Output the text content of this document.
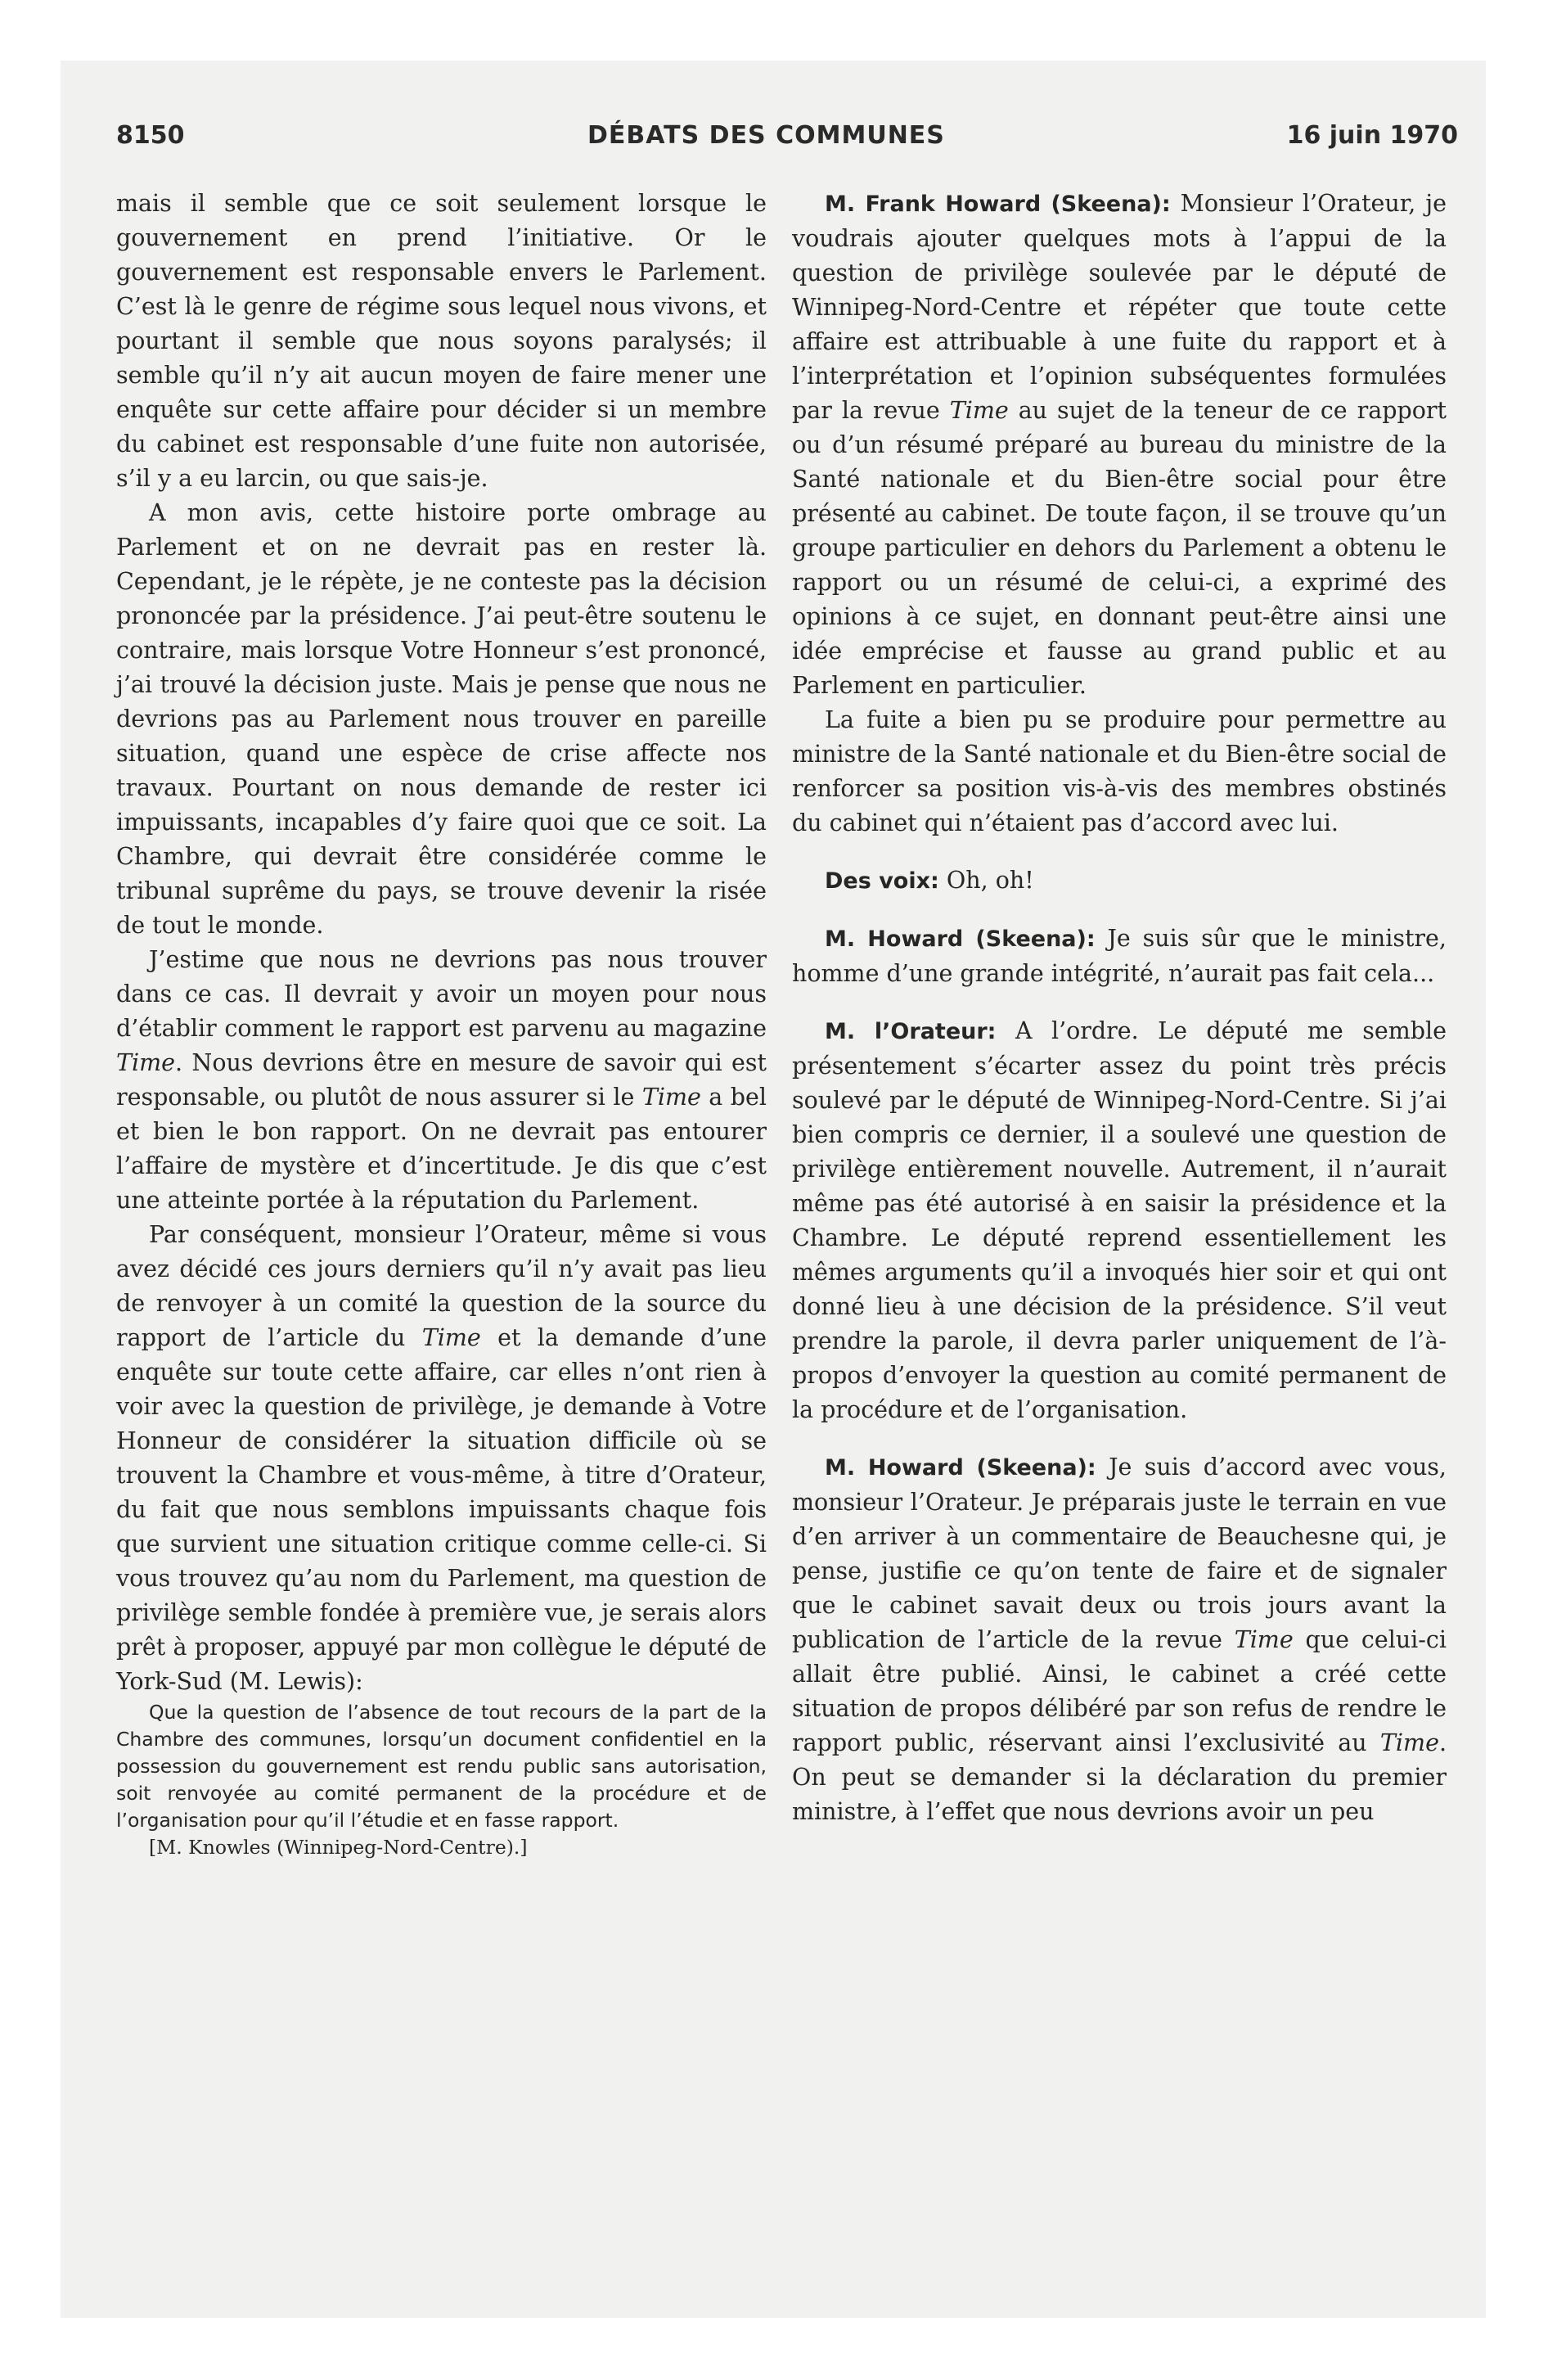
8150	DÉBATS DES COMMUNES	16 juin 1970

mais il semble que ce soit seulement lorsque le gouvernement en prend l’initiative. Or le gouvernement est responsable envers le Parlement. C’est là le genre de régime sous lequel nous vivons, et pourtant il semble que nous soyons paralysés; il semble qu’il n’y ait aucun moyen de faire mener une enquête sur cette affaire pour décider si un membre du cabinet est responsable d’une fuite non autorisée, s’il y a eu larcin, ou que sais-je.

A mon avis, cette histoire porte ombrage au Parlement et on ne devrait pas en rester là. Cependant, je le répète, je ne conteste pas la décision prononcée par la présidence. J’ai peut-être soutenu le contraire, mais lorsque Votre Honneur s’est prononcé, j’ai trouvé la décision juste. Mais je pense que nous ne devrions pas au Parlement nous trouver en pareille situation, quand une espèce de crise affecte nos travaux. Pourtant on nous demande de rester ici impuissants, incapables d’y faire quoi que ce soit. La Chambre, qui devrait être considérée comme le tribunal suprême du pays, se trouve devenir la risée de tout le monde.

J’estime que nous ne devrions pas nous trouver dans ce cas. Il devrait y avoir un moyen pour nous d’établir comment le rapport est parvenu au magazine Time. Nous devrions être en mesure de savoir qui est responsable, ou plutôt de nous assurer si le Time a bel et bien le bon rapport. On ne devrait pas entourer l’affaire de mystère et d’incertitude. Je dis que c’est une atteinte portée à la réputation du Parlement.

Par conséquent, monsieur l’Orateur, même si vous avez décidé ces jours derniers qu’il n’y avait pas lieu de renvoyer à un comité la question de la source du rapport de l’article du Time et la demande d’une enquête sur toute cette affaire, car elles n’ont rien à voir avec la question de privilège, je demande à Votre Honneur de considérer la situation difficile où se trouvent la Chambre et vous-même, à titre d’Orateur, du fait que nous semblons impuissants chaque fois que survient une situation critique comme celle-ci. Si vous trouvez qu’au nom du Parlement, ma question de privilège semble fondée à première vue, je serais alors prêt à proposer, appuyé par mon collègue le député de York-Sud (M. Lewis):

Que la question de l’absence de tout recours de la part de la Chambre des communes, lorsqu’un document confidentiel en la possession du gouvernement est rendu public sans autorisation, soit renvoyée au comité permanent de la procédure et de l’organisation pour qu’il l’étudie et en fasse rapport.

[M. Knowles (Winnipeg-Nord-Centre).]

M. Frank Howard (Skeena): Monsieur l’Orateur, je voudrais ajouter quelques mots à l’appui de la question de privilège soulevée par le député de Winnipeg-Nord-Centre et répéter que toute cette affaire est attribuable à une fuite du rapport et à l’interprétation et l’opinion subséquentes formulées par la revue Time au sujet de la teneur de ce rapport ou d’un résumé préparé au bureau du ministre de la Santé nationale et du Bien-être social pour être présenté au cabinet. De toute façon, il se trouve qu’un groupe particulier en dehors du Parlement a obtenu le rapport ou un résumé de celui-ci, a exprimé des opinions à ce sujet, en donnant peut-être ainsi une idée emprécise et fausse au grand public et au Parlement en particulier.

La fuite a bien pu se produire pour permettre au ministre de la Santé nationale et du Bien-être social de renforcer sa position vis-à-vis des membres obstinés du cabinet qui n’étaient pas d’accord avec lui.

Des voix: Oh, oh!

M. Howard (Skeena): Je suis sûr que le ministre, homme d’une grande intégrité, n’aurait pas fait cela...

M. l’Orateur: A l’ordre. Le député me semble présentement s’écarter assez du point très précis soulevé par le député de Winnipeg-Nord-Centre. Si j’ai bien compris ce dernier, il a soulevé une question de privilège entièrement nouvelle. Autrement, il n’aurait même pas été autorisé à en saisir la présidence et la Chambre. Le député reprend essentiellement les mêmes arguments qu’il a invoqués hier soir et qui ont donné lieu à une décision de la présidence. S’il veut prendre la parole, il devra parler uniquement de l’à-propos d’envoyer la question au comité permanent de la procédure et de l’organisation.

M. Howard (Skeena): Je suis d’accord avec vous, monsieur l’Orateur. Je préparais juste le terrain en vue d’en arriver à un commentaire de Beauchesne qui, je pense, justifie ce qu’on tente de faire et de signaler que le cabinet savait deux ou trois jours avant la publication de l’article de la revue Time que celui-ci allait être publié. Ainsi, le cabinet a créé cette situation de propos délibéré par son refus de rendre le rapport public, réservant ainsi l’exclusivité au Time. On peut se demander si la déclaration du premier ministre, à l’effet que nous devrions avoir un peu
